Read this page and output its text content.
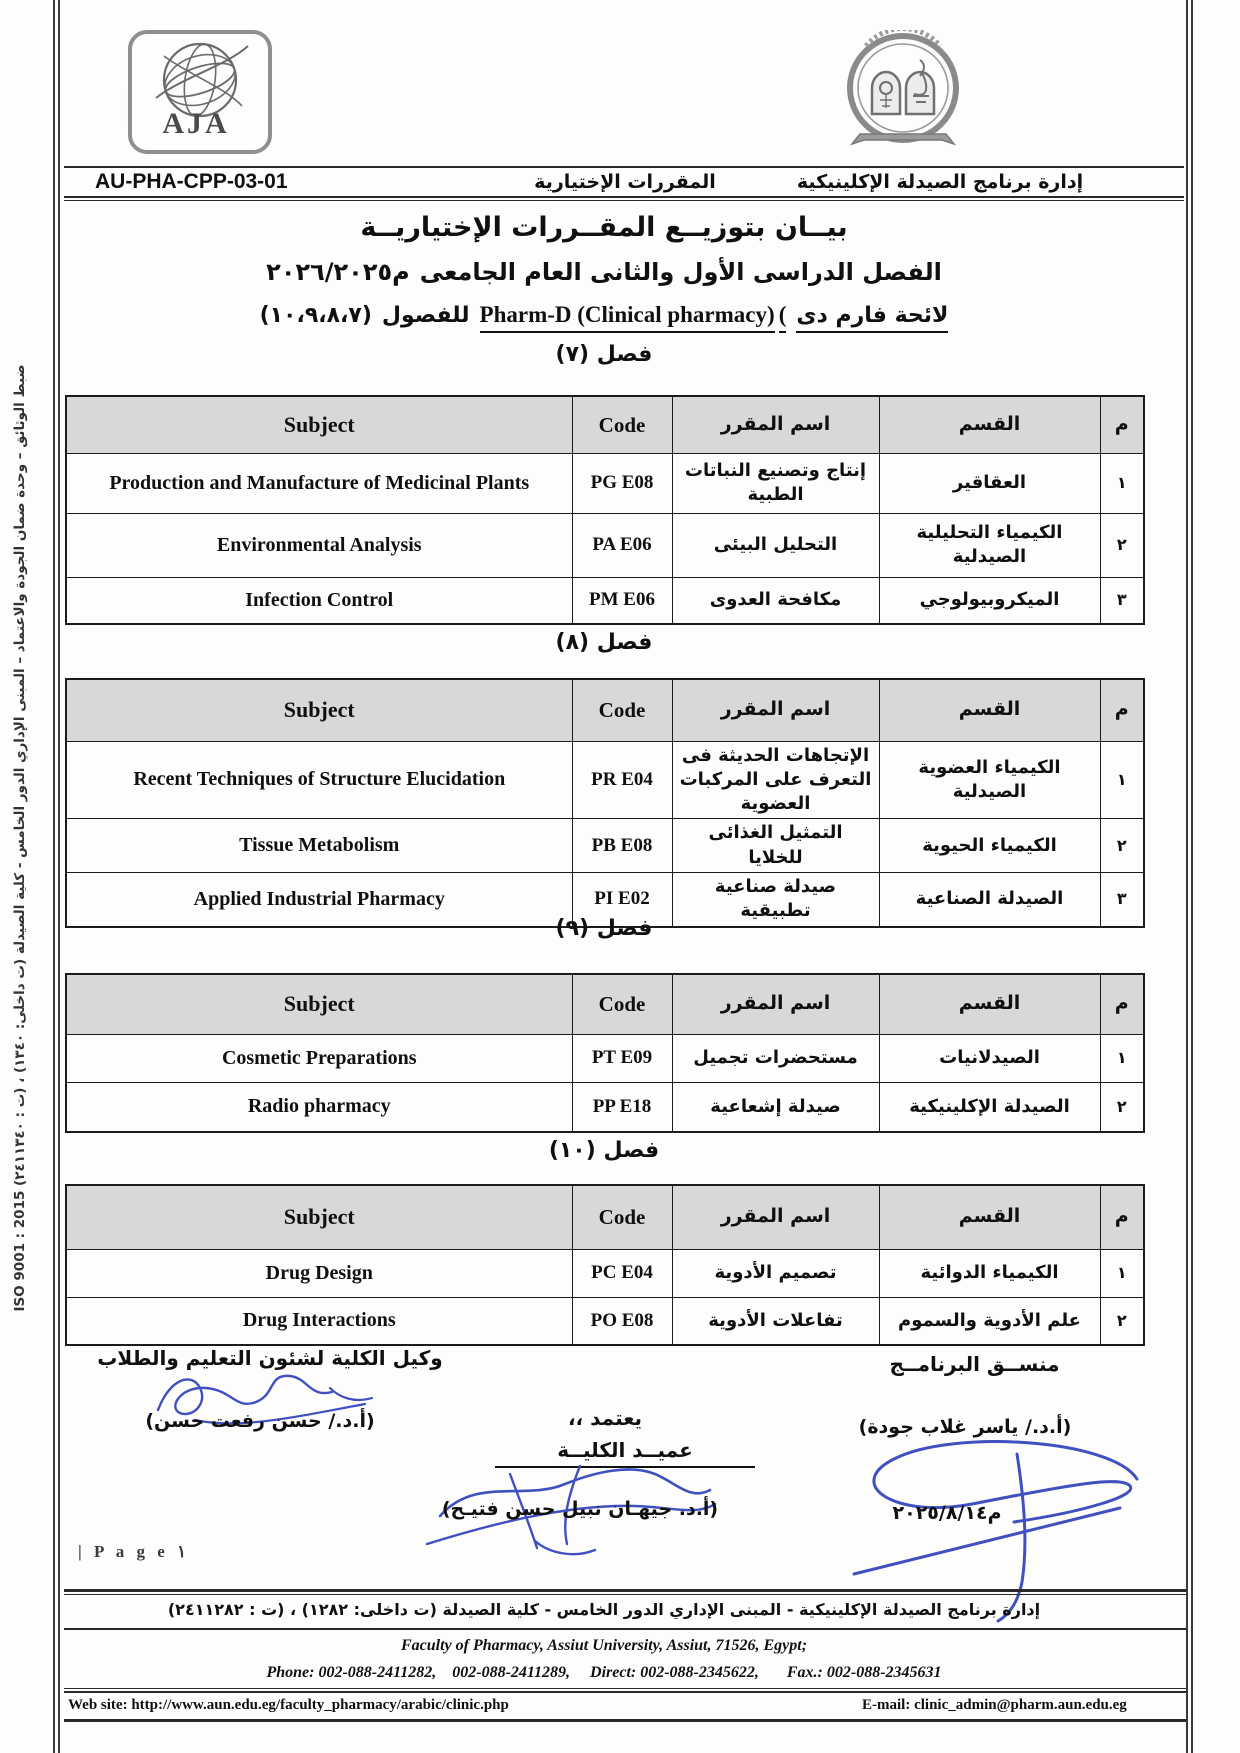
ضبط الوثائق – وحدة ضمان الجودة والاعتماد – المبنى الإداري الدور الخامس - كلية الصيدلة (ت داخلى: ١٣٤٠) ، (ت : ٢٤١١٣٤٠) ISO 9001 : 2015
AJA
AU-PHA-CPP-03-01	المقررات الإختيارية	إدارة برنامج الصيدلة الإكلينيكية
بيــان بتوزيــع المقــررات الإختياريــة
م٢٠٢٦/٢٠٢٥ الفصل الدراسى الأول والثانى العام الجامعى
(١٠،٩،٨،٧) للفصول Pharm-D (Clinical pharmacy) ( لائحة فارم دى
فصل (٧)
Subject	Code	اسم المقرر	القسم	م
Production and Manufacture of Medicinal Plants	PG E08	إنتاج وتصنيع النباتات الطبية	العقاقير	١
Environmental Analysis	PA E06	التحليل البيئى	الكيمياء التحليلية الصيدلية	٢
Infection Control	PM E06	مكافحة العدوى	الميكروبيولوجي	٣
فصل (٨)
Subject	Code	اسم المقرر	القسم	م
Recent Techniques of Structure Elucidation	PR E04	الإتجاهات الحديثة فى التعرف على المركبات العضوية	الكيمياء العضوية الصيدلية	١
Tissue Metabolism	PB E08	التمثيل الغذائى للخلايا	الكيمياء الحيوية	٢
Applied Industrial Pharmacy	PI E02	صيدلة صناعية تطبيقية	الصيدلة الصناعية	٣
فصل (٩)
Subject	Code	اسم المقرر	القسم	م
Cosmetic Preparations	PT E09	مستحضرات تجميل	الصيدلانيات	١
Radio pharmacy	PP E18	صيدلة إشعاعية	الصيدلة الإكلينيكية	٢
فصل (١٠)
Subject	Code	اسم المقرر	القسم	م
Drug Design	PC E04	تصميم الأدوية	الكيمياء الدوائية	١
Drug Interactions	PO E08	تفاعلات الأدوية	علم الأدوية والسموم	٢
وكيل الكلية لشئون التعليم والطلاب
(أ.د./ حسن رفعت حسن)	يعتمد ،،
عميــد الكليــة
(أ.د. جيهـان نبيل حسن فتيـح)
منســق البرنامــج
(أ.د./ ياسر غلاب جودة)
م٢٠٢٥/٨/١٤
| P a g e ١
إدارة برنامج الصيدلة الإكلينيكية - المبنى الإداري الدور الخامس - كلية الصيدلة (ت داخلى: ١٢٨٢) ، (ت : ٢٤١١٢٨٢)
Faculty of Pharmacy, Assiut University, Assiut, 71526, Egypt;
Phone: 002-088-2411282,    002-088-2411289,     Direct: 002-088-2345622,       Fax.: 002-088-2345631
Web site: http://www.aun.edu.eg/faculty_pharmacy/arabic/clinic.php	E-mail: clinic_admin@pharm.aun.edu.eg
